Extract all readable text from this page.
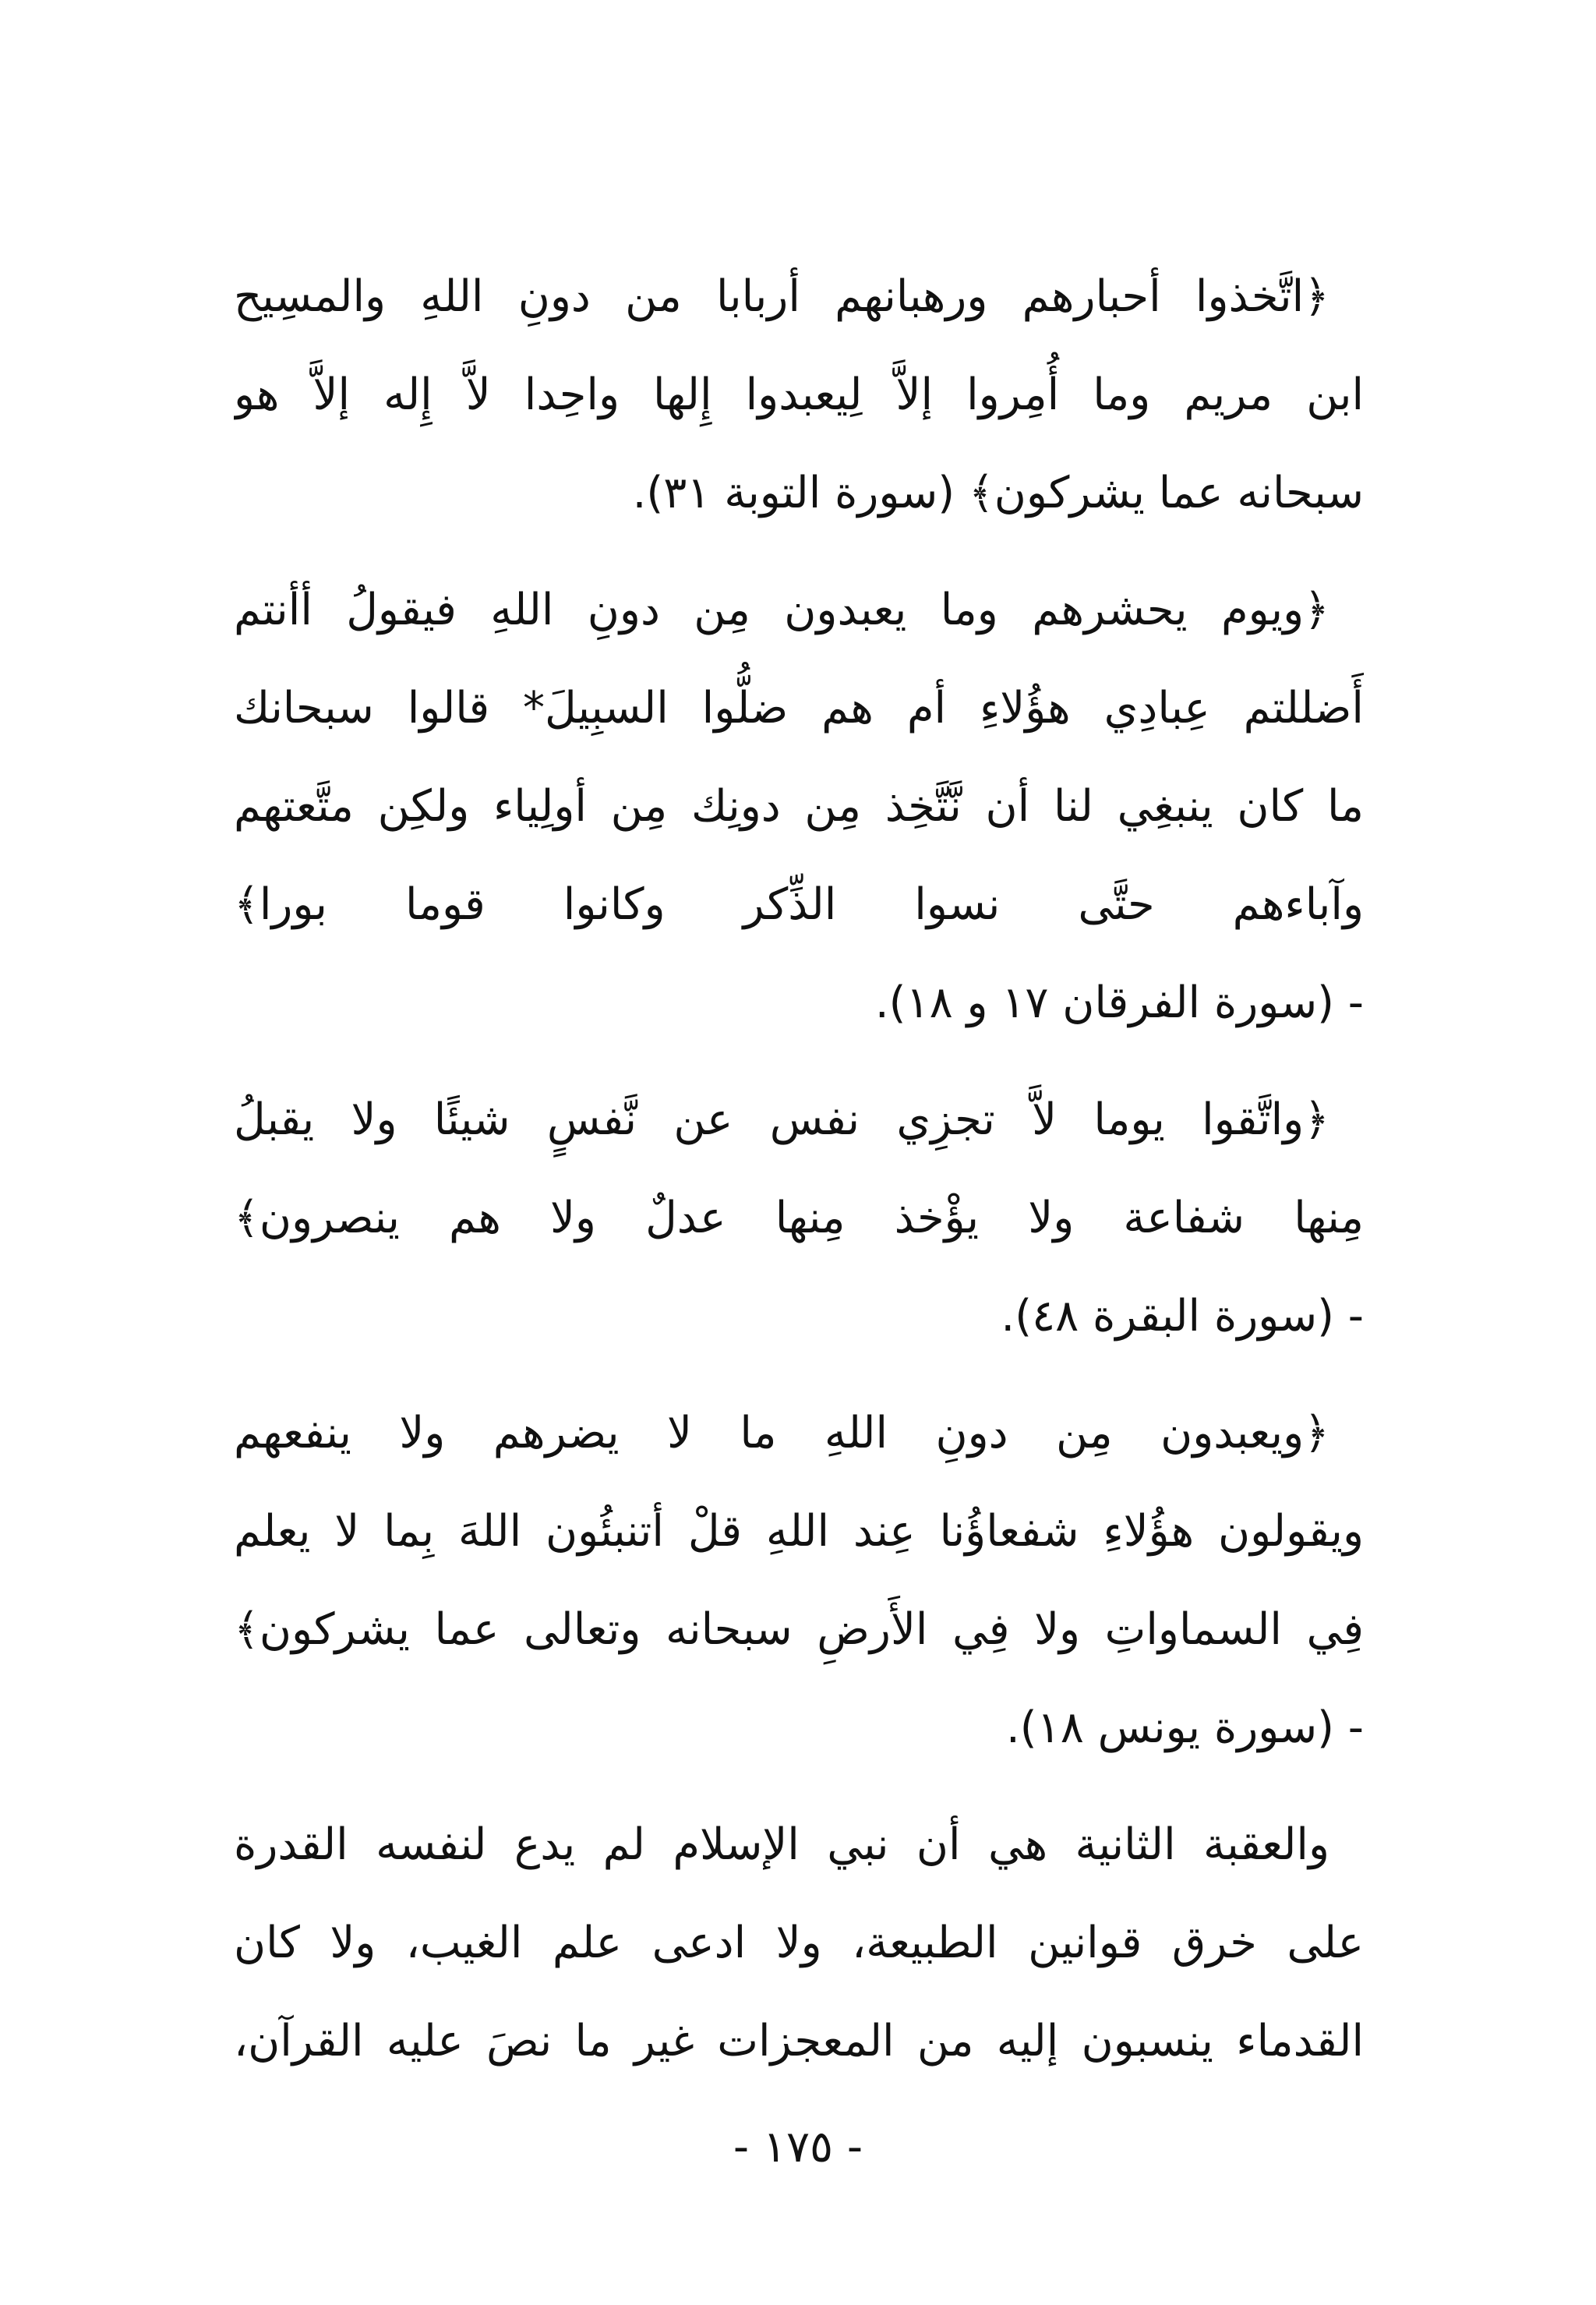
﴿اتَّخذوا أحبارهم ورهبانهم أربابا من دونِ اللهِ والمسِيح
ابن مريم وما أُمِروا إلاَّ لِيعبدوا إِلها واحِدا لاَّ إِله إلاَّ هو
سبحانه عما يشركون﴾ (سورة التوبة ٣١).
﴿ويوم يحشرهم وما يعبدون مِن دونِ اللهِ فيقولُ أأنتم
أَضللتم عِبادِي هؤُلاءِ أم هم ضلُّوا السبِيلَ* قالوا سبحانك
ما كان ينبغِي لنا أن نَّتَّخِذ مِن دونِك مِن أولِياء ولكِن متَّعتهم
وآباءهم حتَّى نسوا الذِّكر وكانوا قوما بورا﴾
- (سورة الفرقان ١٧ و ١٨).
﴿واتَّقوا يوما لاَّ تجزِي نفس عن نَّفسٍ شيئًا ولا يقبلُ
مِنها شفاعة ولا يؤْخذ مِنها عدلٌ ولا هم ينصرون﴾
- (سورة البقرة ٤٨).
﴿ويعبدون مِن دونِ اللهِ ما لا يضرهم ولا ينفعهم
ويقولون هؤُلاءِ شفعاؤُنا عِند اللهِ قلْ أتنبئُون اللهَ بِما لا يعلم
فِي السماواتِ ولا فِي الأَرضِ سبحانه وتعالى عما يشركون﴾
- (سورة يونس ١٨).
والعقبة الثانية هي أن نبي الإسلام لم يدع لنفسه القدرة
على خرق قوانين الطبيعة، ولا ادعى علم الغيب، ولا كان
القدماء ينسبون إليه من المعجزات غير ما نصَ عليه القرآن،
- ١٧٥ -
